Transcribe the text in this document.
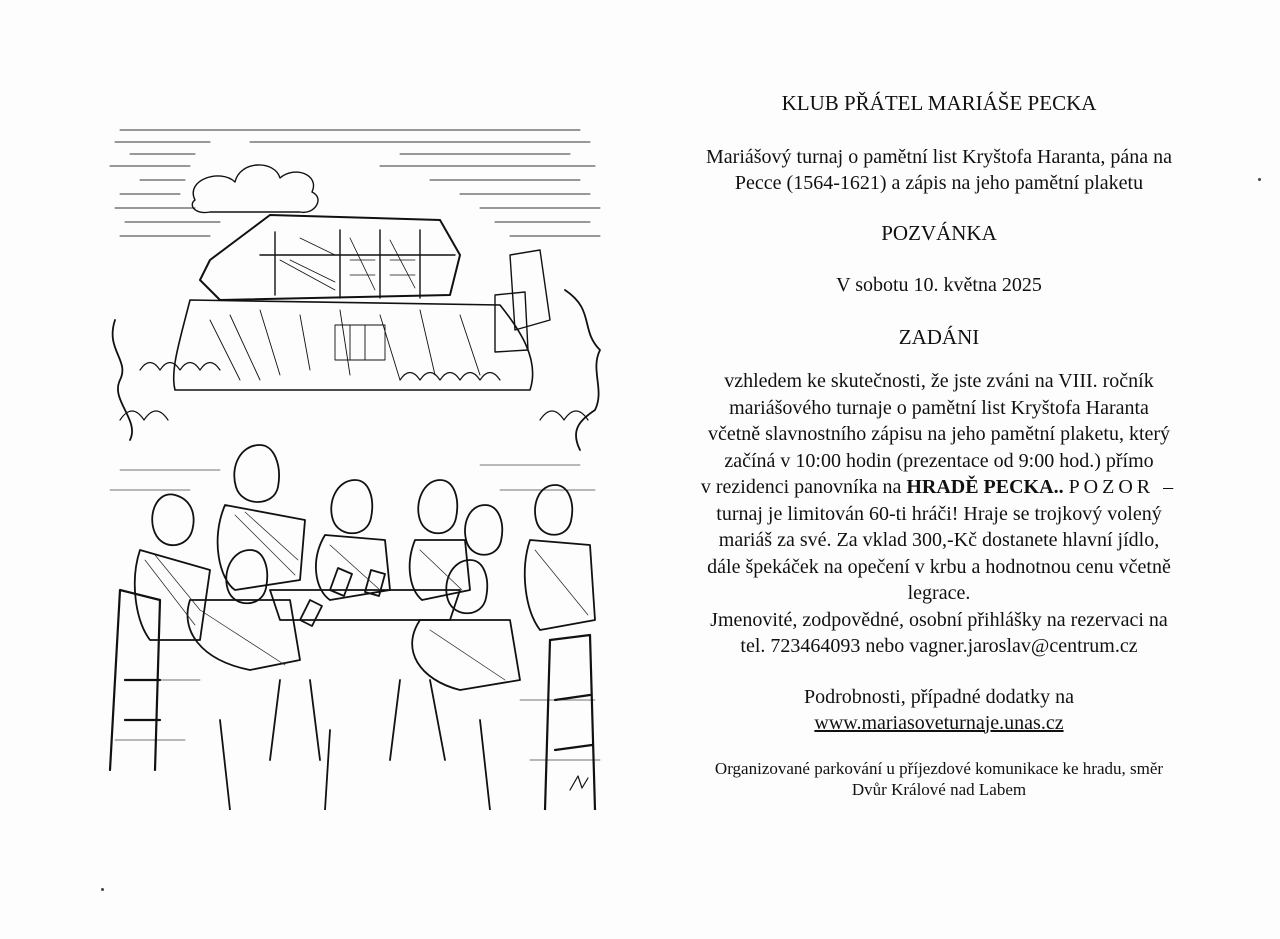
KLUB PŘÁTEL MARIÁŠE PECKA

Mariášový turnaj o pamětní list Kryštofa Haranta, pána na
Pecce (1564-1621) a zápis na jeho pamětní plaketu

POZVÁNKA

V sobotu 10. května 2025

ZADÁNI

vzhledem ke skutečnosti, že jste zváni na VIII. ročník
mariášového turnaje o pamětní list Kryštofa Haranta
včetně slavnostního zápisu na jeho pamětní plaketu, který
začíná v 10:00 hodin (prezentace od 9:00 hod.) přímo
v rezidenci panovníka na HRADĚ PECKA.. POZOR –
turnaj je limitován 60-ti hráči! Hraje se trojkový volený
mariáš za své. Za vklad 300,-Kč dostanete hlavní jídlo,
dále špekáček na opečení v krbu a hodnotnou cenu včetně
legrace.
Jmenovité, zodpovědné, osobní přihlášky na rezervaci na
tel. 723464093 nebo vagner.jaroslav@centrum.cz

Podrobnosti, případné dodatky na
www.mariasoveturnaje.unas.cz

Organizované parkování u příjezdové komunikace ke hradu, směr
Dvůr Králové nad Labem
